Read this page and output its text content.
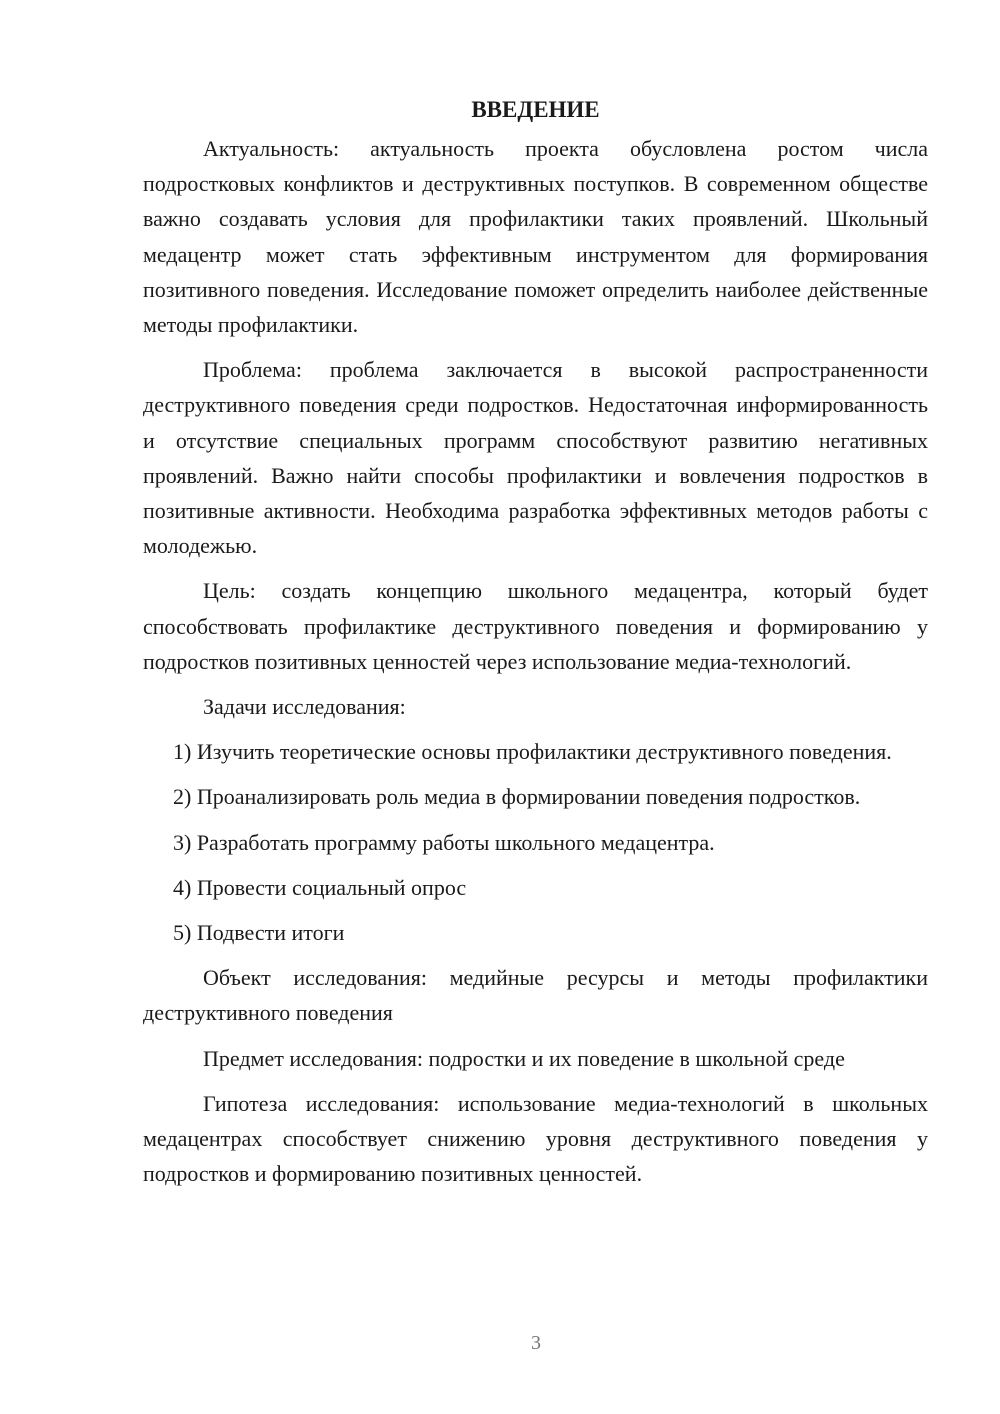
ВВЕДЕНИЕ

Актуальность: актуальность проекта обусловлена ростом числа подростковых конфликтов и деструктивных поступков. В современном обществе важно создавать условия для профилактики таких проявлений. Школьный медацентр может стать эффективным инструментом для формирования позитивного поведения. Исследование поможет определить наиболее действенные методы профилактики.

Проблема: проблема заключается в высокой распространенности деструктивного поведения среди подростков. Недостаточная информированность и отсутствие специальных программ способствуют развитию негативных проявлений. Важно найти способы профилактики и вовлечения подростков в позитивные активности. Необходима разработка эффективных методов работы с молодежью.

Цель: создать концепцию школьного медацентра, который будет способствовать профилактике деструктивного поведения и формированию у подростков позитивных ценностей через использование медиа-технологий.

Задачи исследования:

1) Изучить теоретические основы профилактики деструктивного поведения.

2) Проанализировать роль медиа в формировании поведения подростков.

3) Разработать программу работы школьного медацентра.

4) Провести социальный опрос

5) Подвести итоги

Объект исследования: медийные ресурсы и методы профилактики деструктивного поведения

Предмет исследования: подростки и их поведение в школьной среде

Гипотеза исследования: использование медиа-технологий в школьных медацентрах способствует снижению уровня деструктивного поведения у подростков и формированию позитивных ценностей.

3
